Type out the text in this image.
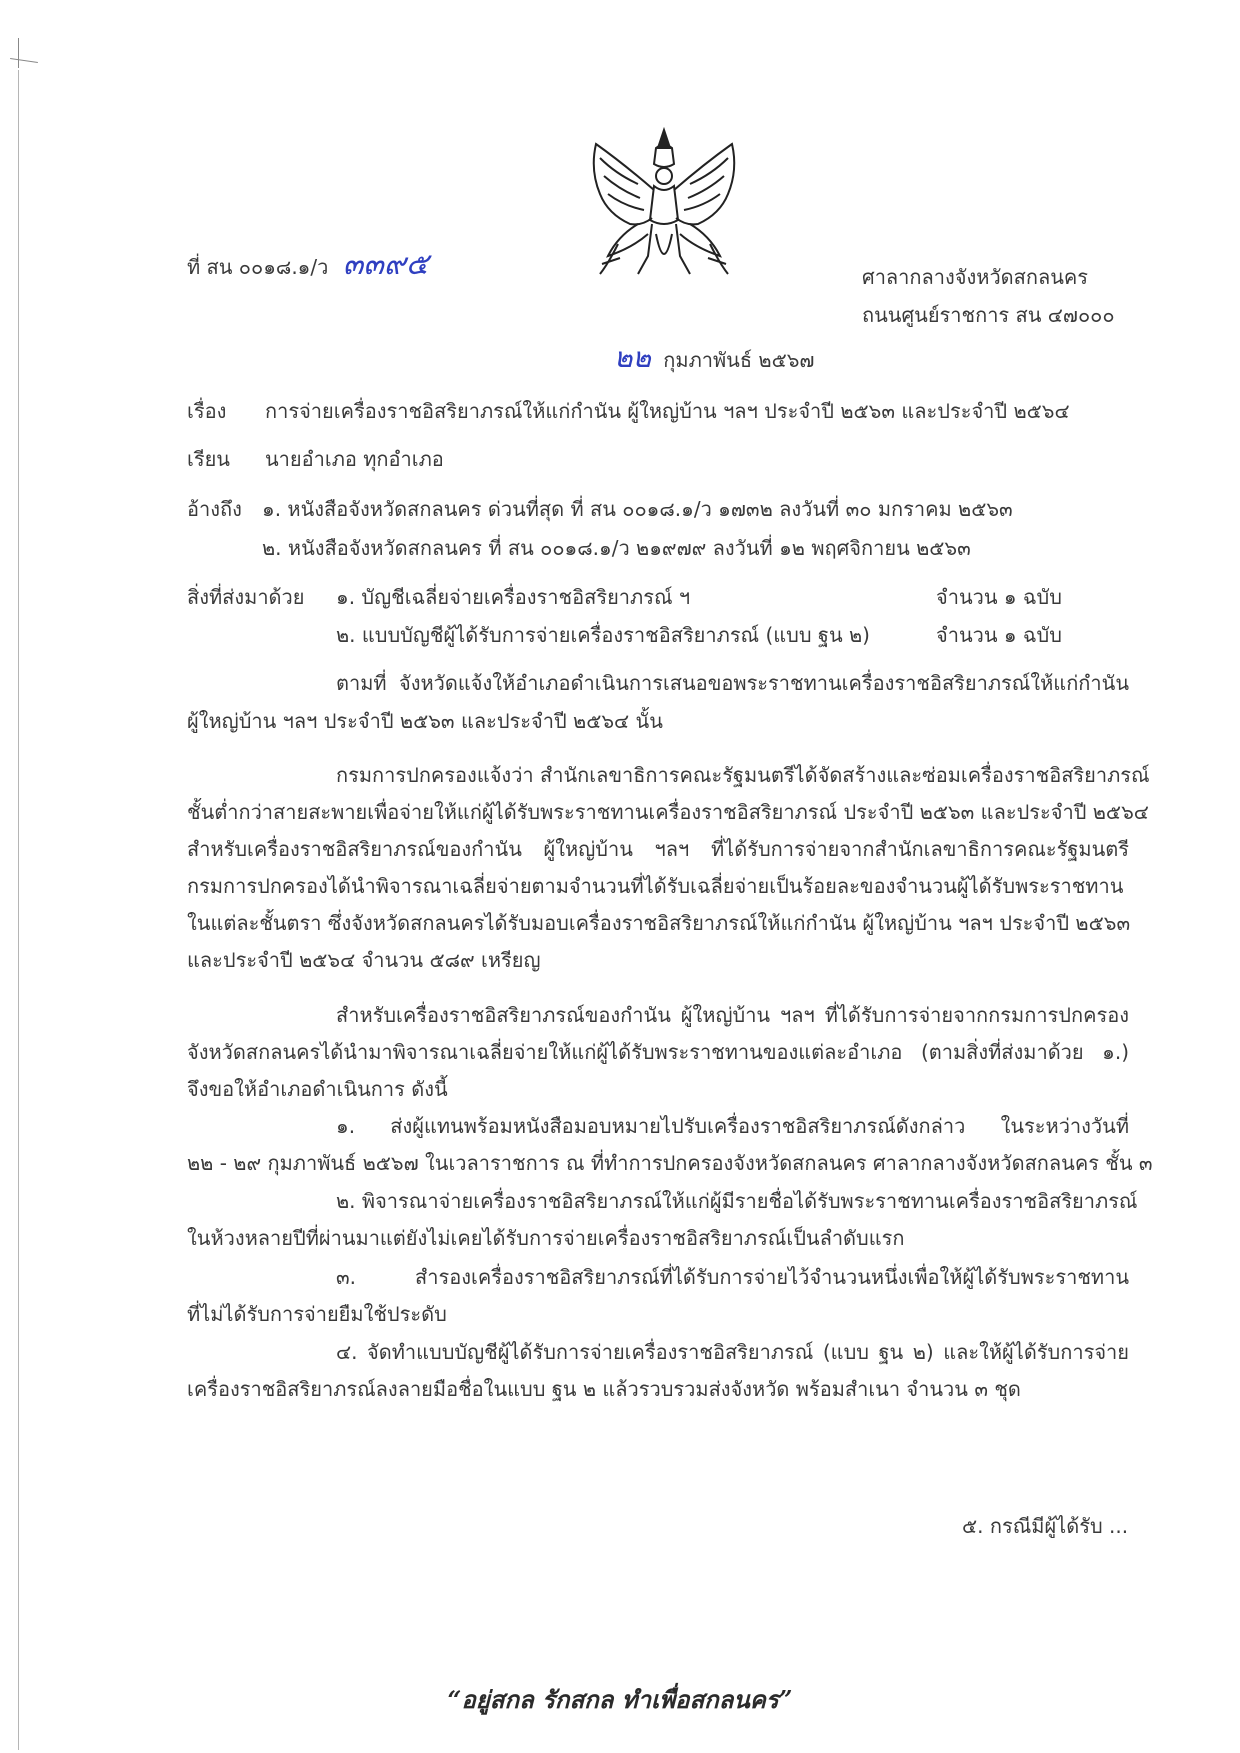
ที่ สน ๐๐๑๘.๑/ว ๓๓๙๕	ศาลากลางจังหวัดสกลนคร
ถนนศูนย์ราชการ สน ๔๗๐๐๐
๒๒ กุมภาพันธ์ ๒๕๖๗
เรื่อง การจ่ายเครื่องราชอิสริยาภรณ์ให้แก่กำนัน ผู้ใหญ่บ้าน ฯลฯ ประจำปี ๒๕๖๓ และประจำปี ๒๕๖๔
เรียน นายอำเภอ ทุกอำเภอ
อ้างถึง ๑. หนังสือจังหวัดสกลนคร ด่วนที่สุด ที่ สน ๐๐๑๘.๑/ว ๑๗๓๒ ลงวันที่ ๓๐ มกราคม ๒๕๖๓
๒. หนังสือจังหวัดสกลนคร ที่ สน ๐๐๑๘.๑/ว ๒๑๙๗๙ ลงวันที่ ๑๒ พฤศจิกายน ๒๕๖๓
สิ่งที่ส่งมาด้วย ๑. บัญชีเฉลี่ยจ่ายเครื่องราชอิสริยาภรณ์ ฯ	จำนวน ๑ ฉบับ
๒. แบบบัญชีผู้ได้รับการจ่ายเครื่องราชอิสริยาภรณ์ (แบบ ฐน ๒)	จำนวน ๑ ฉบับ
ตามที่ จังหวัดแจ้งให้อำเภอดำเนินการเสนอขอพระราชทานเครื่องราชอิสริยาภรณ์ให้แก่กำนัน
ผู้ใหญ่บ้าน ฯลฯ ประจำปี ๒๕๖๓ และประจำปี ๒๕๖๔ นั้น
กรมการปกครองแจ้งว่า สำนักเลขาธิการคณะรัฐมนตรีได้จัดสร้างและซ่อมเครื่องราชอิสริยาภรณ์
ชั้นต่ำกว่าสายสะพายเพื่อจ่ายให้แก่ผู้ได้รับพระราชทานเครื่องราชอิสริยาภรณ์ ประจำปี ๒๕๖๓ และประจำปี ๒๕๖๔
สำหรับเครื่องราชอิสริยาภรณ์ของกำนัน ผู้ใหญ่บ้าน ฯลฯ ที่ได้รับการจ่ายจากสำนักเลขาธิการคณะรัฐมนตรี
กรมการปกครองได้นำพิจารณาเฉลี่ยจ่ายตามจำนวนที่ได้รับเฉลี่ยจ่ายเป็นร้อยละของจำนวนผู้ได้รับพระราชทาน
ในแต่ละชั้นตรา ซึ่งจังหวัดสกลนครได้รับมอบเครื่องราชอิสริยาภรณ์ให้แก่กำนัน ผู้ใหญ่บ้าน ฯลฯ ประจำปี ๒๕๖๓
และประจำปี ๒๕๖๔ จำนวน ๕๘๙ เหรียญ
สำหรับเครื่องราชอิสริยาภรณ์ของกำนัน ผู้ใหญ่บ้าน ฯลฯ ที่ได้รับการจ่ายจากกรมการปกครอง
จังหวัดสกลนครได้นำมาพิจารณาเฉลี่ยจ่ายให้แก่ผู้ได้รับพระราชทานของแต่ละอำเภอ (ตามสิ่งที่ส่งมาด้วย ๑.)
จึงขอให้อำเภอดำเนินการ ดังนี้
๑. ส่งผู้แทนพร้อมหนังสือมอบหมายไปรับเครื่องราชอิสริยาภรณ์ดังกล่าว ในระหว่างวันที่
๒๒ - ๒๙ กุมภาพันธ์ ๒๕๖๗ ในเวลาราชการ ณ ที่ทำการปกครองจังหวัดสกลนคร ศาลากลางจังหวัดสกลนคร ชั้น ๓
๒. พิจารณาจ่ายเครื่องราชอิสริยาภรณ์ให้แก่ผู้มีรายชื่อได้รับพระราชทานเครื่องราชอิสริยาภรณ์
ในห้วงหลายปีที่ผ่านมาแต่ยังไม่เคยได้รับการจ่ายเครื่องราชอิสริยาภรณ์เป็นลำดับแรก
๓. สำรองเครื่องราชอิสริยาภรณ์ที่ได้รับการจ่ายไว้จำนวนหนึ่งเพื่อให้ผู้ได้รับพระราชทาน
ที่ไม่ได้รับการจ่ายยืมใช้ประดับ
๔. จัดทำแบบบัญชีผู้ได้รับการจ่ายเครื่องราชอิสริยาภรณ์ (แบบ ฐน ๒) และให้ผู้ได้รับการจ่าย
เครื่องราชอิสริยาภรณ์ลงลายมือชื่อในแบบ ฐน ๒ แล้วรวบรวมส่งจังหวัด พร้อมสำเนา จำนวน ๓ ชุด
๕. กรณีมีผู้ได้รับ ...
“อยู่สกล รักสกล ทำเพื่อสกลนคร”
